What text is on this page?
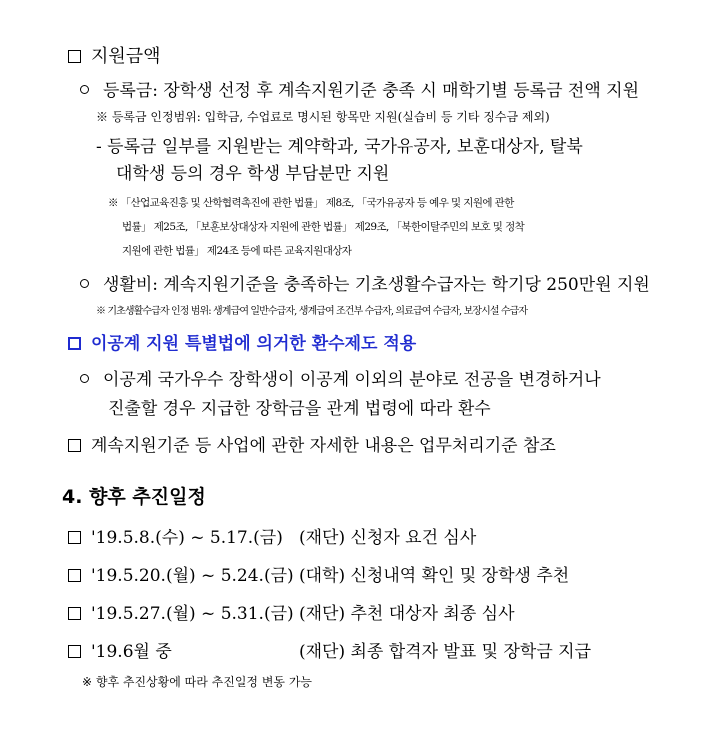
지원금액
등록금: 장학생 선정 후 계속지원기준 충족 시 매학기별 등록금 전액 지원
※ 등록금 인정범위: 입학금, 수업료로 명시된 항목만 지원(실습비 등 기타 징수금 제외)
- 등록금 일부를 지원받는 계약학과, 국가유공자, 보훈대상자, 탈북
대학생 등의 경우 학생 부담분만 지원
※ 「산업교육진흥 및 산학협력촉진에 관한 법률」 제8조, 「국가유공자 등 예우 및 지원에 관한
법률」 제25조, 「보훈보상대상자 지원에 관한 법률」 제29조, 「북한이탈주민의 보호 및 정착
지원에 관한 법률」 제24조 등에 따른 교육지원대상자
생활비: 계속지원기준을 충족하는 기초생활수급자는 학기당 250만원 지원
※ 기초생활수급자 인정 범위: 생계급여 일반수급자, 생계급여 조건부 수급자, 의료급여 수급자, 보장시설 수급자
이공계 지원 특별법에 의거한 환수제도 적용
이공계 국가우수 장학생이 이공계 이외의 분야로 전공을 변경하거나
진출할 경우 지급한 장학금을 관계 법령에 따라 환수
계속지원기준 등 사업에 관한 자세한 내용은 업무처리기준 참조
4. 향후 추진일정
'19.5.8.(수) ~ 5.17.(금) (재단) 신청자 요건 심사
'19.5.20.(월) ~ 5.24.(금) (대학) 신청내역 확인 및 장학생 추천
'19.5.27.(월) ~ 5.31.(금) (재단) 추천 대상자 최종 심사
'19.6월 중	(재단) 최종 합격자 발표 및 장학금 지급
※ 향후 추진상황에 따라 추진일정 변동 가능
